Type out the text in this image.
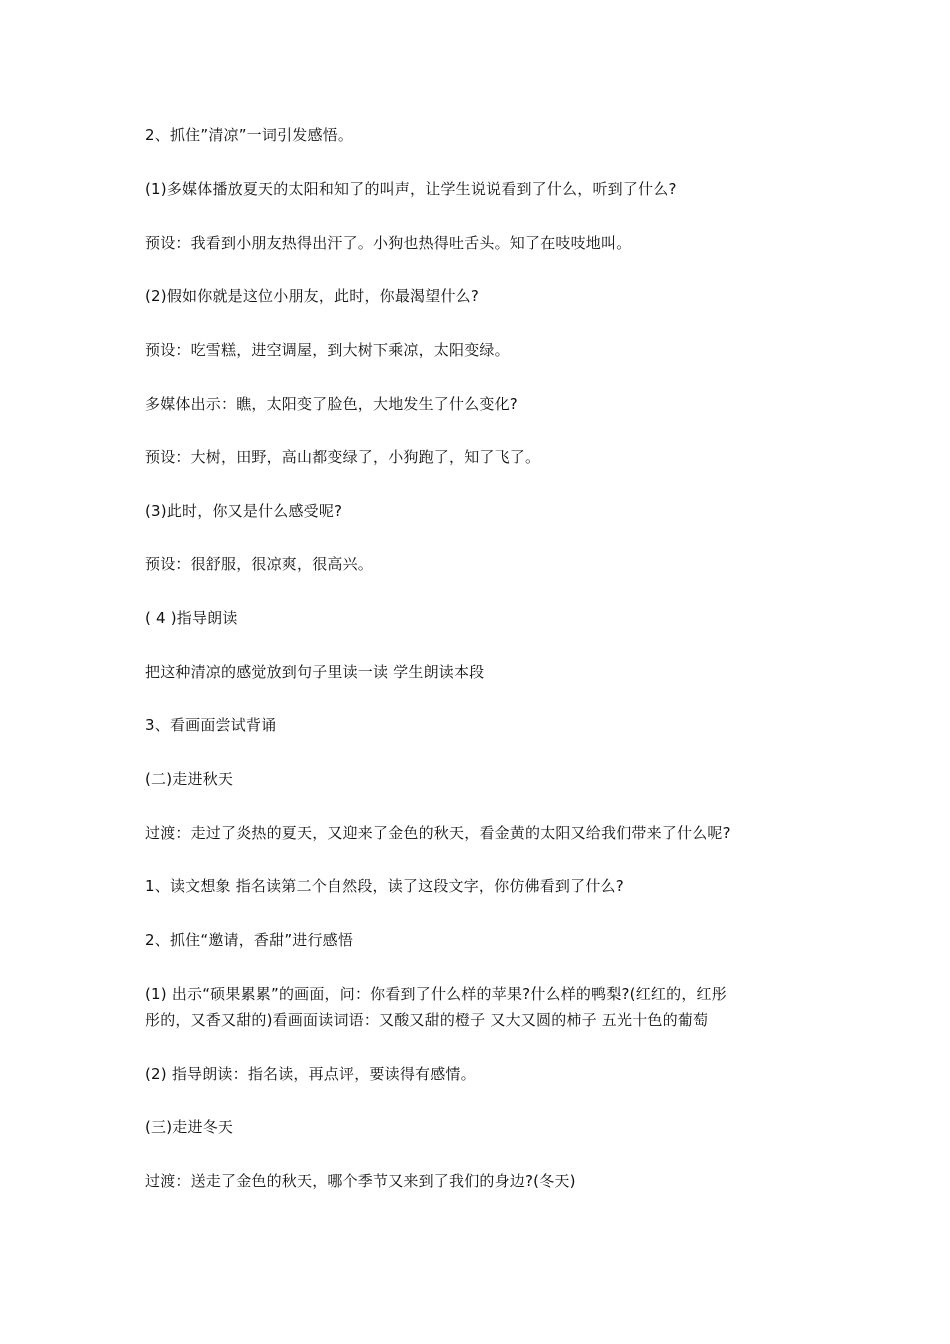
2、抓住”清凉”一词引发感悟。
(1)多媒体播放夏天的太阳和知了的叫声，让学生说说看到了什么，听到了什么?
预设：我看到小朋友热得出汗了。小狗也热得吐舌头。知了在吱吱地叫。
(2)假如你就是这位小朋友，此时，你最渴望什么?
预设：吃雪糕，进空调屋，到大树下乘凉，太阳变绿。
多媒体出示：瞧，太阳变了脸色，大地发生了什么变化?
预设：大树，田野，高山都变绿了，小狗跑了，知了飞了。
(3)此时，你又是什么感受呢?
预设：很舒服，很凉爽，很高兴。
( 4 )指导朗读
把这种清凉的感觉放到句子里读一读 学生朗读本段
3、看画面尝试背诵
(二)走进秋天
过渡：走过了炎热的夏天，又迎来了金色的秋天，看金黄的太阳又给我们带来了什么呢?
1、读文想象 指名读第二个自然段，读了这段文字，你仿佛看到了什么?
2、抓住“邀请，香甜”进行感悟
(1) 出示“硕果累累”的画面，问：你看到了什么样的苹果?什么样的鸭梨?(红红的，红彤
彤的，又香又甜的)看画面读词语：又酸又甜的橙子 又大又圆的柿子 五光十色的葡萄
(2) 指导朗读：指名读，再点评，要读得有感情。
(三)走进冬天
过渡：送走了金色的秋天，哪个季节又来到了我们的身边?(冬天)
